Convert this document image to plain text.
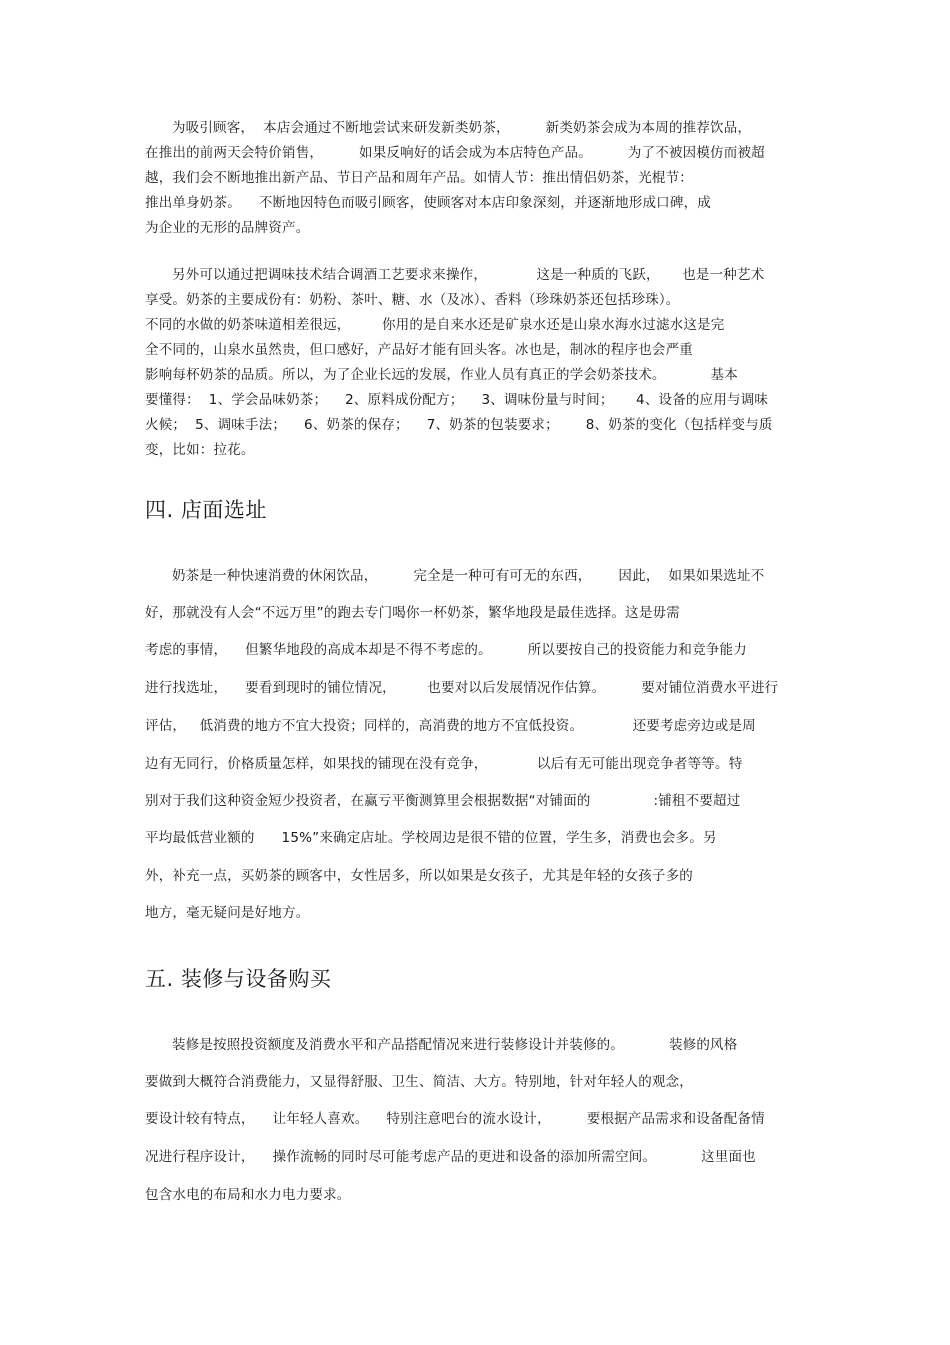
为吸引顾客，  本店会通过不断地尝试来研发新类奶茶，        新类奶茶会成为本周的推荐饮品，
在推出的前两天会特价销售，        如果反响好的话会成为本店特色产品。        为了不被因模仿而被超
越，我们会不断地推出新产品、节日产品和周年产品。如情人节：推出情侣奶茶，光棍节：
推出单身奶茶。    不断地因特色而吸引顾客，使顾客对本店印象深刻，并逐渐地形成口碑，成
为企业的无形的品牌资产。
另外可以通过把调味技术结合调酒工艺要求来操作，           这是一种质的飞跃，     也是一种艺术
享受。奶茶的主要成份有：奶粉、茶叶、糖、水（及冰）、香料（珍珠奶茶还包括珍珠）。
不同的水做的奶茶味道相差很远，       你用的是自来水还是矿泉水还是山泉水海水过滤水这是完
全不同的，山泉水虽然贵，但口感好，产品好才能有回头客。冰也是，制冰的程序也会严重
影响每杯奶茶的品质。所以，为了企业长远的发展，作业人员有真正的学会奶茶技术。          基本
要懂得：  1、学会品味奶茶；    2、原料成份配方；    3、调味份量与时间；     4、设备的应用与调味
火候；  5、调味手法；    6、奶茶的保存；    7、奶茶的包装要求；      8、奶茶的变化（包括样变与质
变，比如：拉花。
四. 店面选址
奶茶是一种快速消费的休闲饮品，        完全是一种可有可无的东西，      因此，  如果如果选址不
好，那就没有人会“不远万里”的跑去专门喝你一杯奶茶，繁华地段是最佳选择。这是毋需
考虑的事情，    但繁华地段的高成本却是不得不考虑的。        所以要按自己的投资能力和竞争能力
进行找选址，    要看到现时的铺位情况，       也要对以后发展情况作估算。        要对铺位消费水平进行
评估，   低消费的地方不宜大投资；同样的，高消费的地方不宜低投资。           还要考虑旁边或是周
边有无同行，价格质量怎样，如果找的铺现在没有竞争，           以后有无可能出现竞争者等等。特
别对于我们这种资金短少投资者，在赢亏平衡测算里会根据数据“对铺面的              :铺租不要超过
平均最低营业额的      15%”来确定店址。学校周边是很不错的位置，学生多，消费也会多。另
外，补充一点，买奶茶的顾客中，女性居多，所以如果是女孩子，尤其是年轻的女孩子多的
地方，毫无疑问是好地方。
五. 装修与设备购买
装修是按照投资额度及消费水平和产品搭配情况来进行装修设计并装修的。          装修的风格
要做到大概符合消费能力，又显得舒服、卫生、简洁、大方。特别地，针对年轻人的观念，
要设计较有特点，    让年轻人喜欢。    特别注意吧台的流水设计，        要根据产品需求和设备配备情
况进行程序设计，    操作流畅的同时尽可能考虑产品的更进和设备的添加所需空间。          这里面也
包含水电的布局和水力电力要求。
